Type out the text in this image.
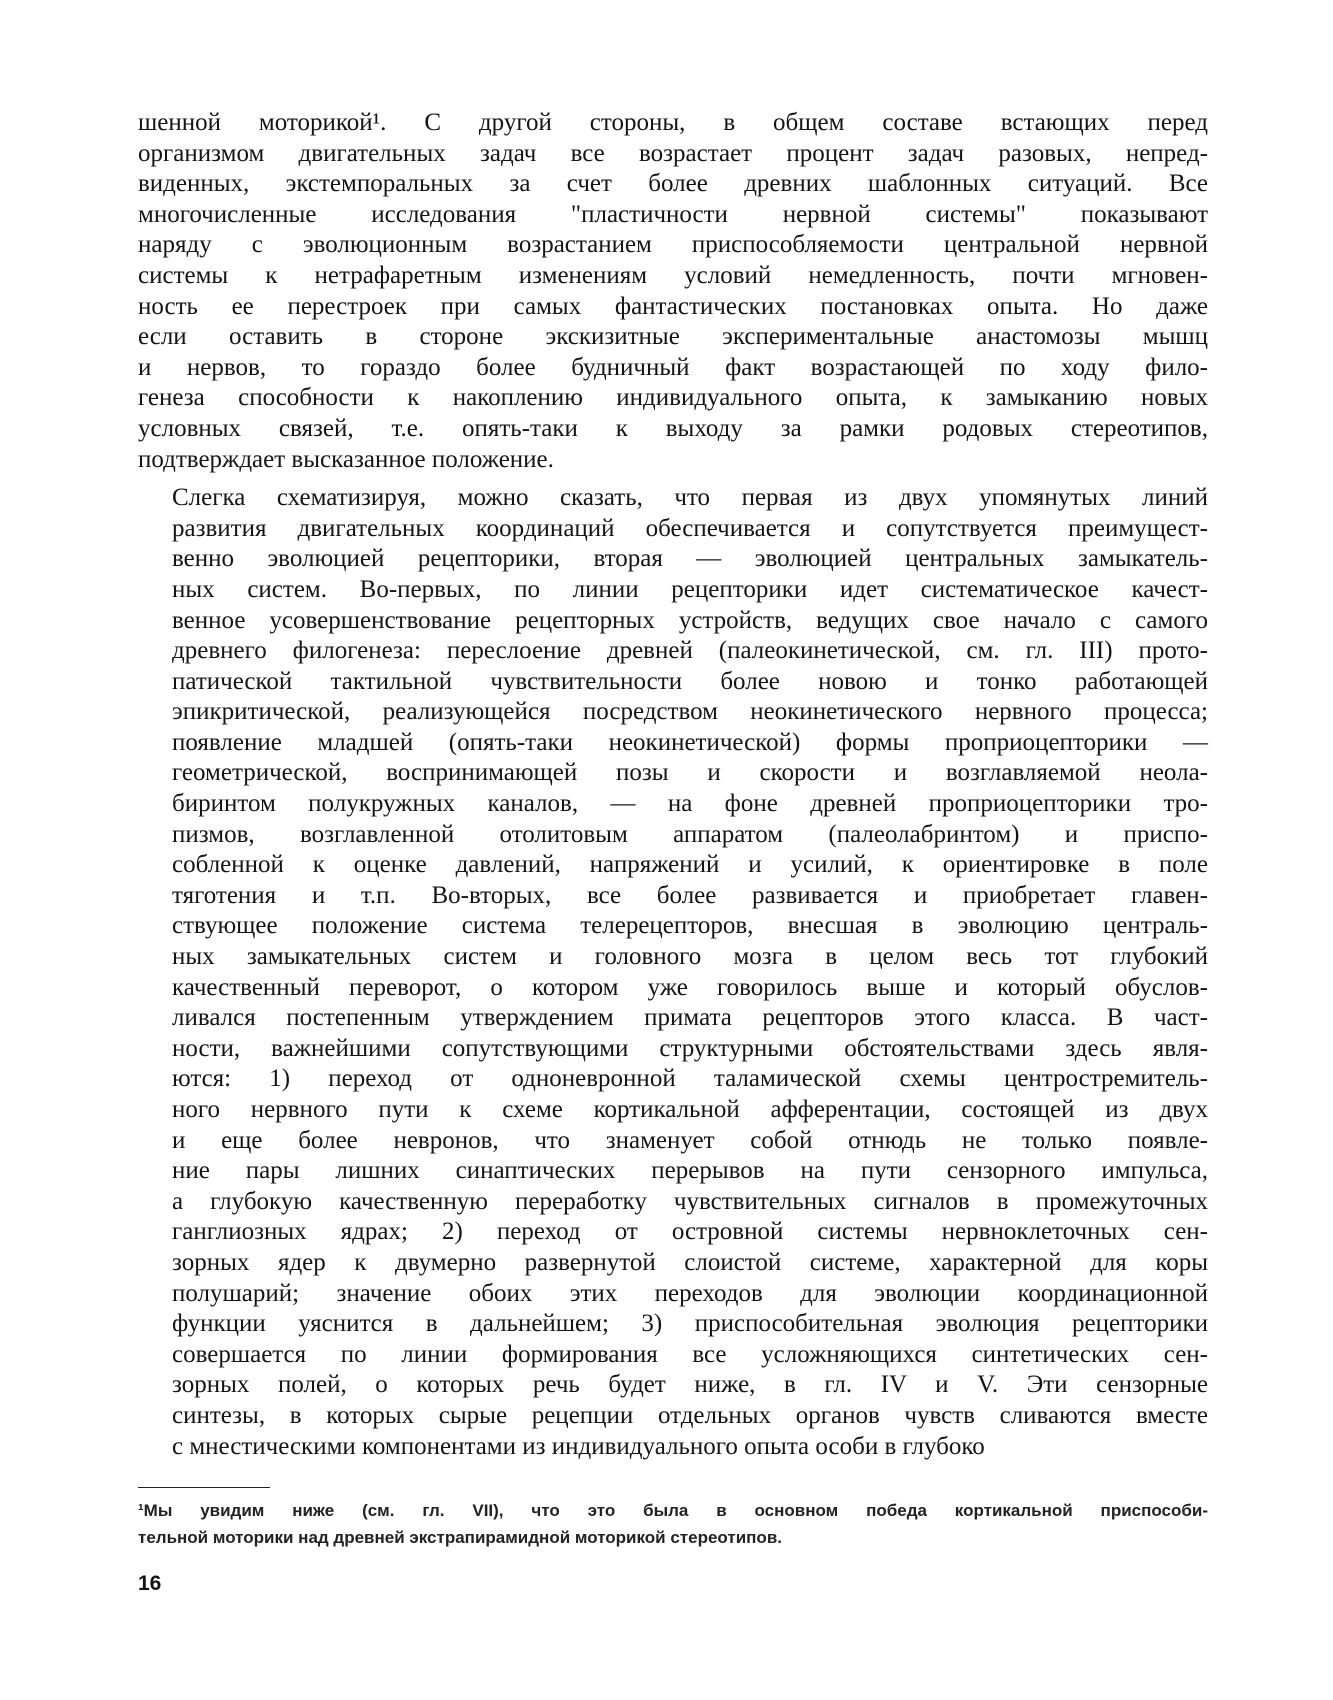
шенной моторикой¹. С другой стороны, в общем составе встающих перед
организмом двигательных задач все возрастает процент задач разовых, непред-
виденных, экстемпоральных за счет более древних шаблонных ситуаций. Все
многочисленные исследования "пластичности нервной системы" показывают
наряду с эволюционным возрастанием приспособляемости центральной нервной
системы к нетрафаретным изменениям условий немедленность, почти мгновен-
ность ее перестроек при самых фантастических постановках опыта. Но даже
если оставить в стороне экскизитные экспериментальные анастомозы мышц
и нервов, то гораздо более будничный факт возрастающей по ходу фило-
генеза способности к накоплению индивидуального опыта, к замыканию новых
условных связей, т.е. опять-таки к выходу за рамки родовых стереотипов,
подтверждает высказанное положение.

Слегка схематизируя, можно сказать, что первая из двух упомянутых линий
развития двигательных координаций обеспечивается и сопутствуется преимущест-
венно эволюцией рецепторики, вторая — эволюцией центральных замыкатель-
ных систем. Во-первых, по линии рецепторики идет систематическое качест-
венное усовершенствование рецепторных устройств, ведущих свое начало с самого
древнего филогенеза: переслоение древней (палеокинетической, см. гл. III) прото-
патической тактильной чувствительности более новою и тонко работающей
эпикритической, реализующейся посредством неокинетического нервного процесса;
появление младшей (опять-таки неокинетической) формы проприоцепторики —
геометрической, воспринимающей позы и скорости и возглавляемой неола-
биринтом полукружных каналов, — на фоне древней проприоцепторики тро-
пизмов, возглавленной отолитовым аппаратом (палеолабринтом) и приспо-
собленной к оценке давлений, напряжений и усилий, к ориентировке в поле
тяготения и т.п. Во-вторых, все более развивается и приобретает главен-
ствующее положение система телерецепторов, внесшая в эволюцию централь-
ных замыкательных систем и головного мозга в целом весь тот глубокий
качественный переворот, о котором уже говорилось выше и который обуслов-
ливался постепенным утверждением примата рецепторов этого класса. В част-
ности, важнейшими сопутствующими структурными обстоятельствами здесь явля-
ются: 1) переход от одноневронной таламической схемы центростремитель-
ного нервного пути к схеме кортикальной афферентации, состоящей из двух
и еще более невронов, что знаменует собой отнюдь не только появле-
ние пары лишних синаптических перерывов на пути сензорного импульса,
а глубокую качественную переработку чувствительных сигналов в промежуточных
ганглиозных ядрах; 2) переход от островной системы нервноклеточных сен-
зорных ядер к двумерно развернутой слоистой системе, характерной для коры
полушарий; значение обоих этих переходов для эволюции координационной
функции уяснится в дальнейшем; 3) приспособительная эволюция рецепторики
совершается по линии формирования все усложняющихся синтетических сен-
зорных полей, о которых речь будет ниже, в гл. IV и V. Эти сензорные
синтезы, в которых сырые рецепции отдельных органов чувств сливаются вместе
с мнестическими компонентами из индивидуального опыта особи в глубоко

¹Мы увидим ниже (см. гл. VII), что это была в основном победа кортикальной приспособи-
тельной моторики над древней экстрапирамидной моторикой стереотипов.
16
